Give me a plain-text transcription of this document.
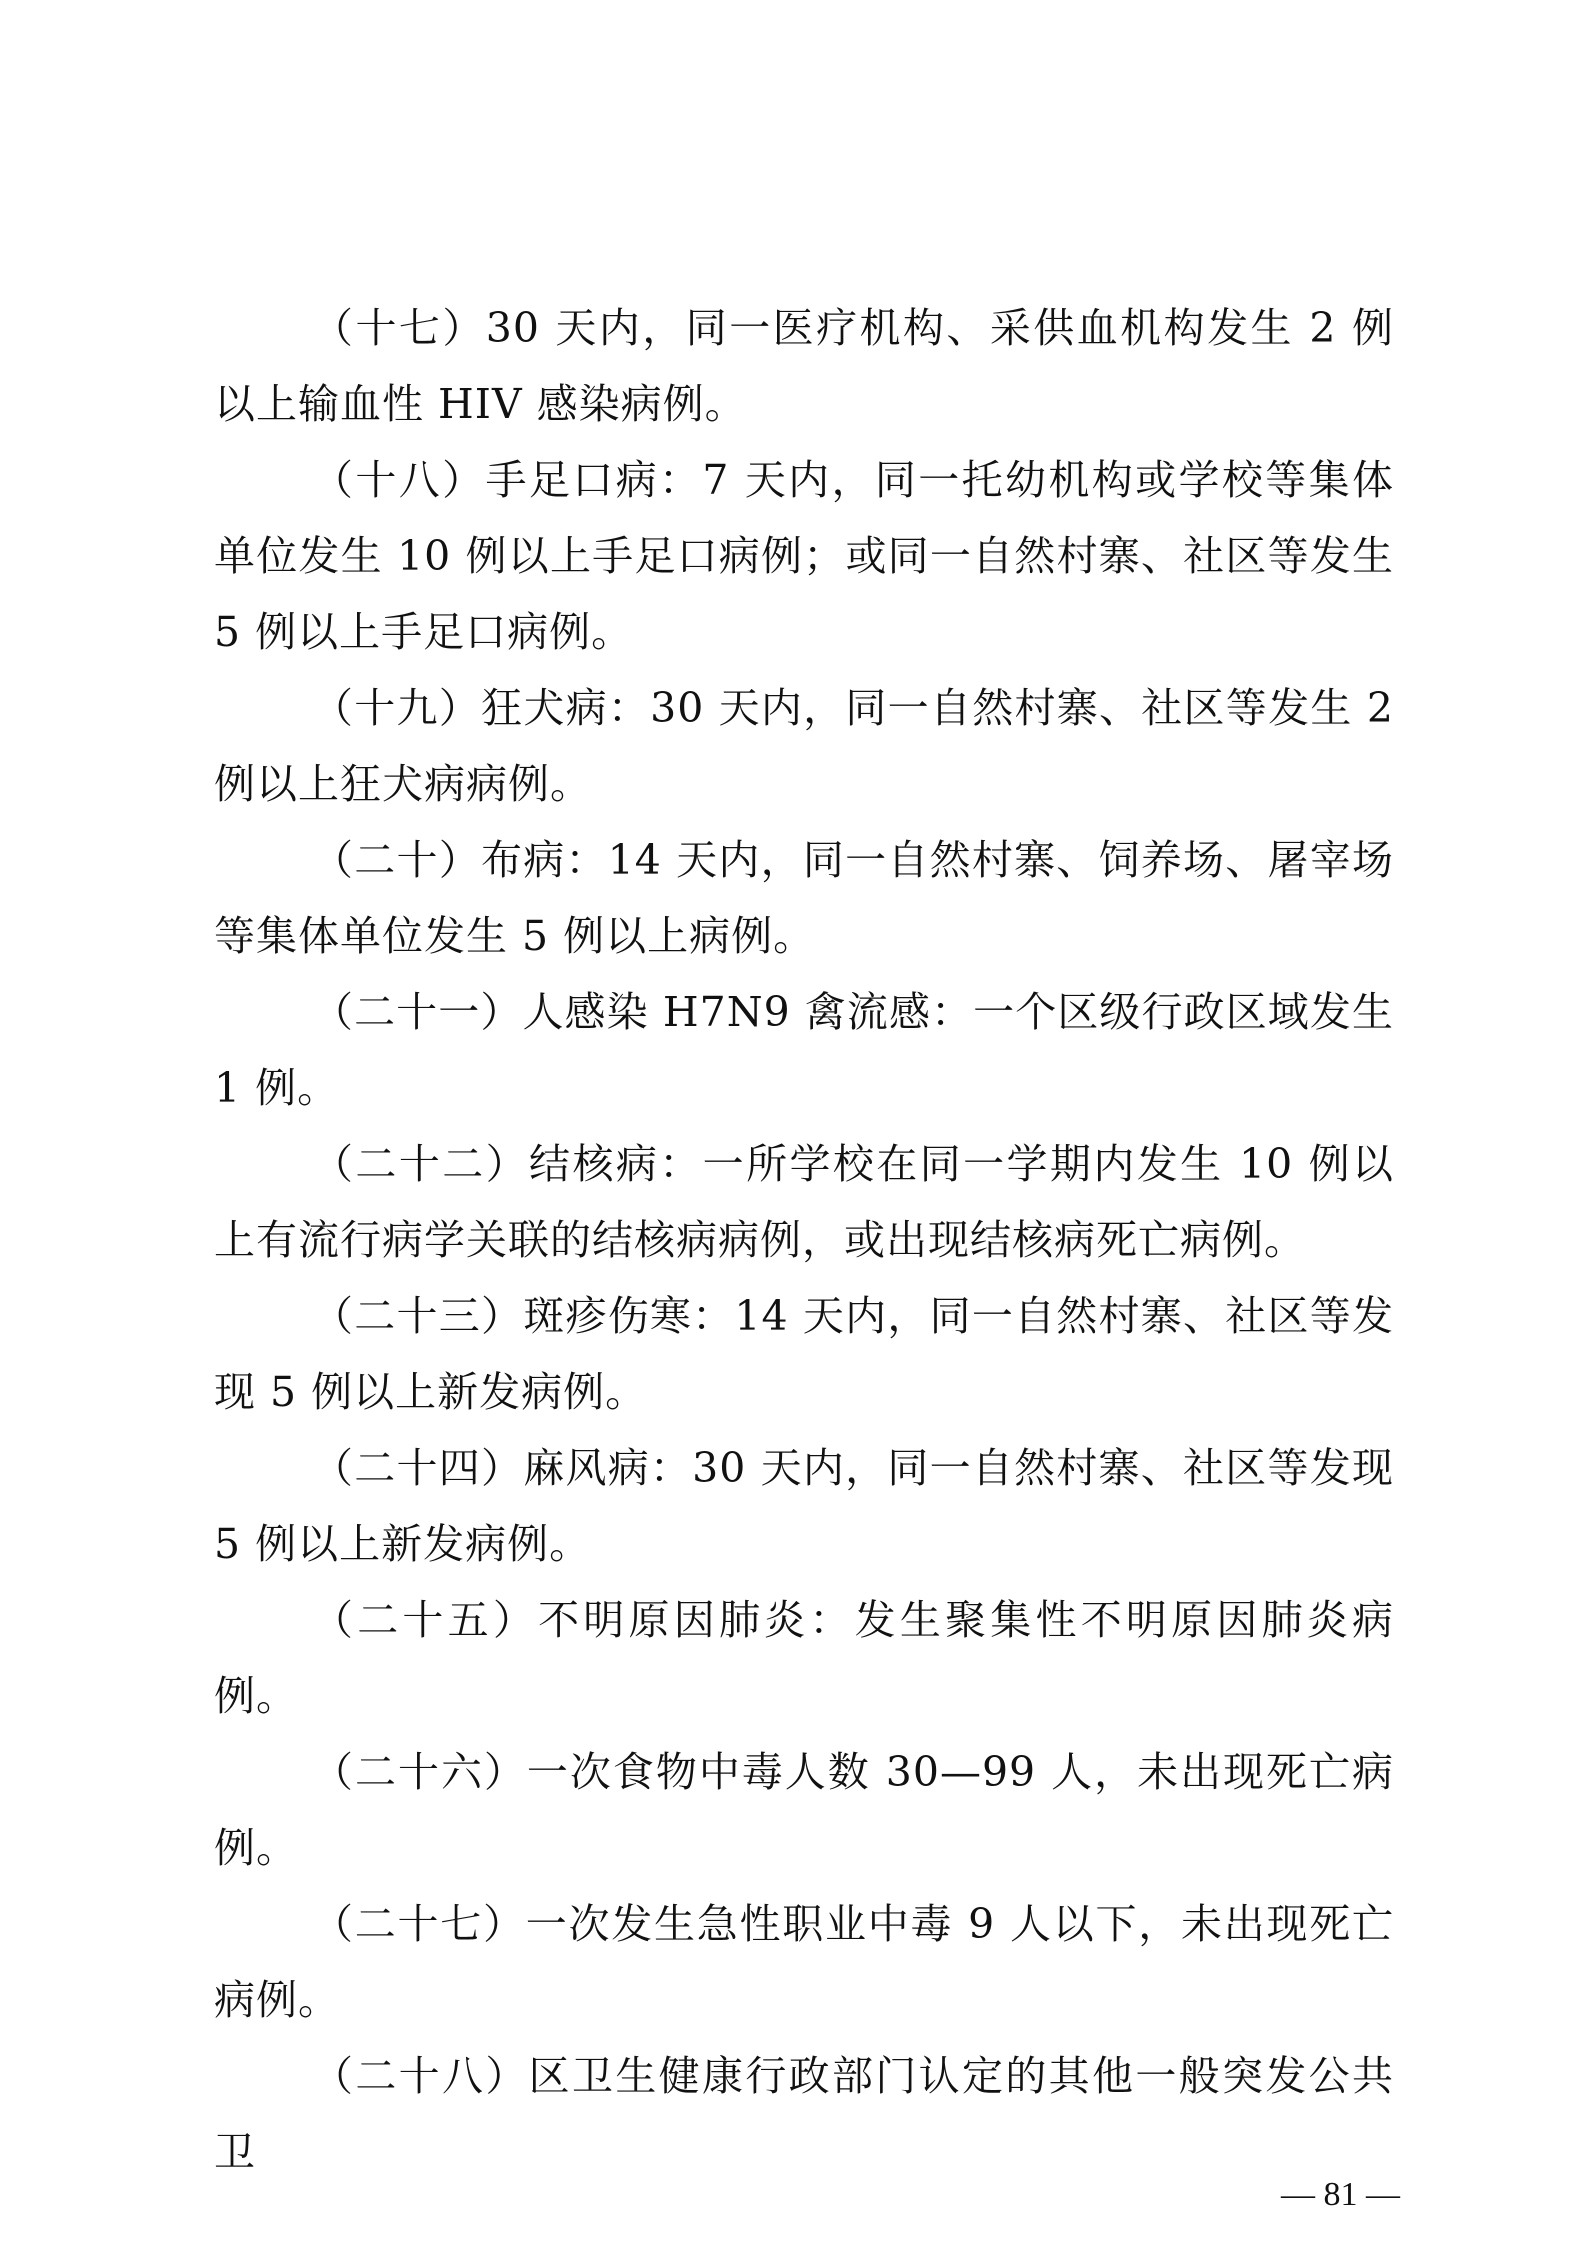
（十七）30 天内，同一医疗机构、采供血机构发生 2 例以上输血性 HIV 感染病例。

（十八）手足口病：7 天内，同一托幼机构或学校等集体单位发生 10 例以上手足口病例；或同一自然村寨、社区等发生 5 例以上手足口病例。

（十九）狂犬病：30 天内，同一自然村寨、社区等发生 2 例以上狂犬病病例。

（二十）布病：14 天内，同一自然村寨、饲养场、屠宰场等集体单位发生 5 例以上病例。

（二十一）人感染 H7N9 禽流感：一个区级行政区域发生 1 例。

（二十二）结核病：一所学校在同一学期内发生 10 例以上有流行病学关联的结核病病例，或出现结核病死亡病例。

（二十三）斑疹伤寒：14 天内，同一自然村寨、社区等发现 5 例以上新发病例。

（二十四）麻风病：30 天内，同一自然村寨、社区等发现 5 例以上新发病例。

（二十五）不明原因肺炎：发生聚集性不明原因肺炎病例。

（二十六）一次食物中毒人数 30—99 人，未出现死亡病例。

（二十七）一次发生急性职业中毒 9 人以下，未出现死亡病例。

（二十八）区卫生健康行政部门认定的其他一般突发公共卫

— 81 —
